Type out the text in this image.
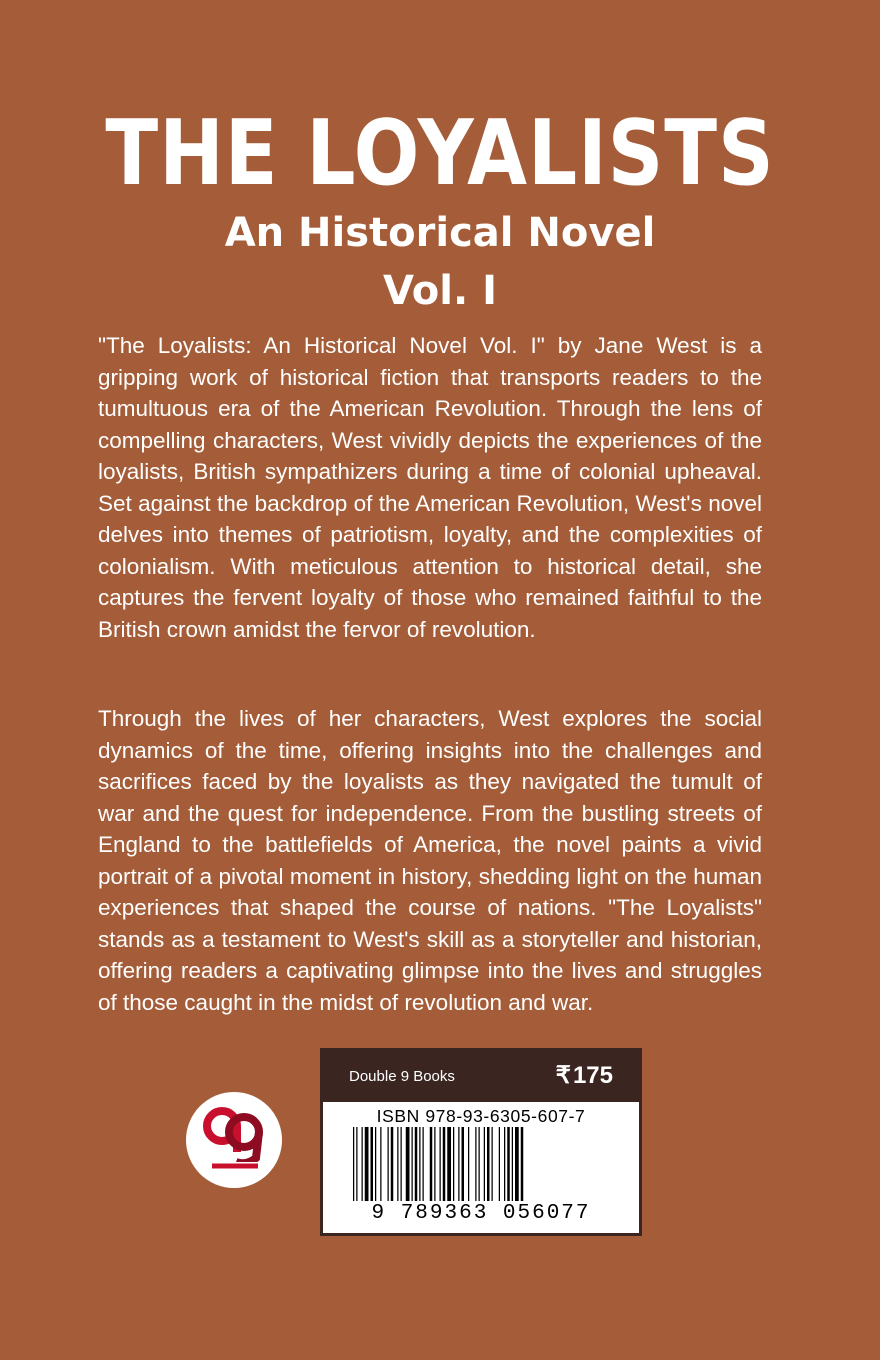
THE LOYALISTS
An Historical Novel
Vol. I

"The Loyalists: An Historical Novel Vol. I" by Jane West is a gripping work of historical fiction that transports readers to the tumultuous era of the American Revolution. Through the lens of compelling characters, West vividly depicts the experiences of the loyalists, British sympathizers during a time of colonial upheaval. Set against the backdrop of the American Revolution, West's novel delves into themes of patriotism, loyalty, and the complexities of colonialism. With meticulous attention to historical detail, she captures the fervent loyalty of those who remained faithful to the British crown amidst the fervor of revolution.

Through the lives of her characters, West explores the social dynamics of the time, offering insights into the challenges and sacrifices faced by the loyalists as they navigated the tumult of war and the quest for independence. From the bustling streets of England to the battlefields of America, the novel paints a vivid portrait of a pivotal moment in history, shedding light on the human experiences that shaped the course of nations. "The Loyalists" stands as a testament to West's skill as a storyteller and historian, offering readers a captivating glimpse into the lives and struggles of those caught in the midst of revolution and war.

Double 9 Books	₹175
ISBN 978-93-6305-607-7
9 789363 056077
